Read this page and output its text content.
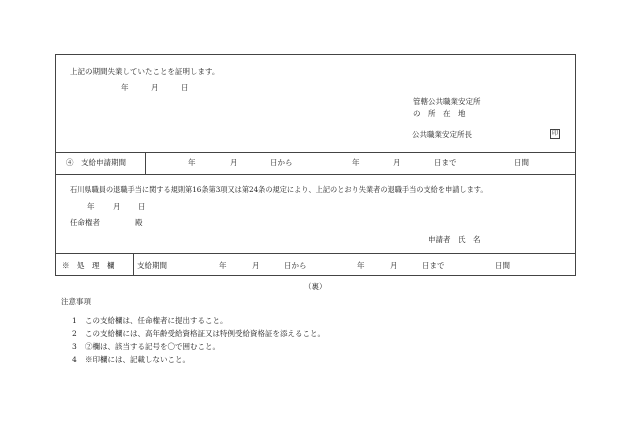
上記の期間失業していたことを証明します。
年	月	日
管轄公共職業安定所
の　所　在　地
公共職業安定所長	印
④　支給申請期間	年	月	日から	年	月	日まで	日間
石川県職員の退職手当に関する規則第16条第3項又は第24条の規定により、上記のとおり失業者の退職手当の支給を申請します。
年 月 日
任命権者	殿
申請者　氏　名
※　処　理　欄	支給期間	年	月	日から	年	月	日まで	日間
（裏）
注意事項
1 この支給欄は、任命権者に提出すること。
2 この支給欄には、高年齢受給資格証又は特例受給資格証を添えること。
3 ②欄は、該当する記号を〇で囲むこと。
4 ※印欄には、記載しないこと。
